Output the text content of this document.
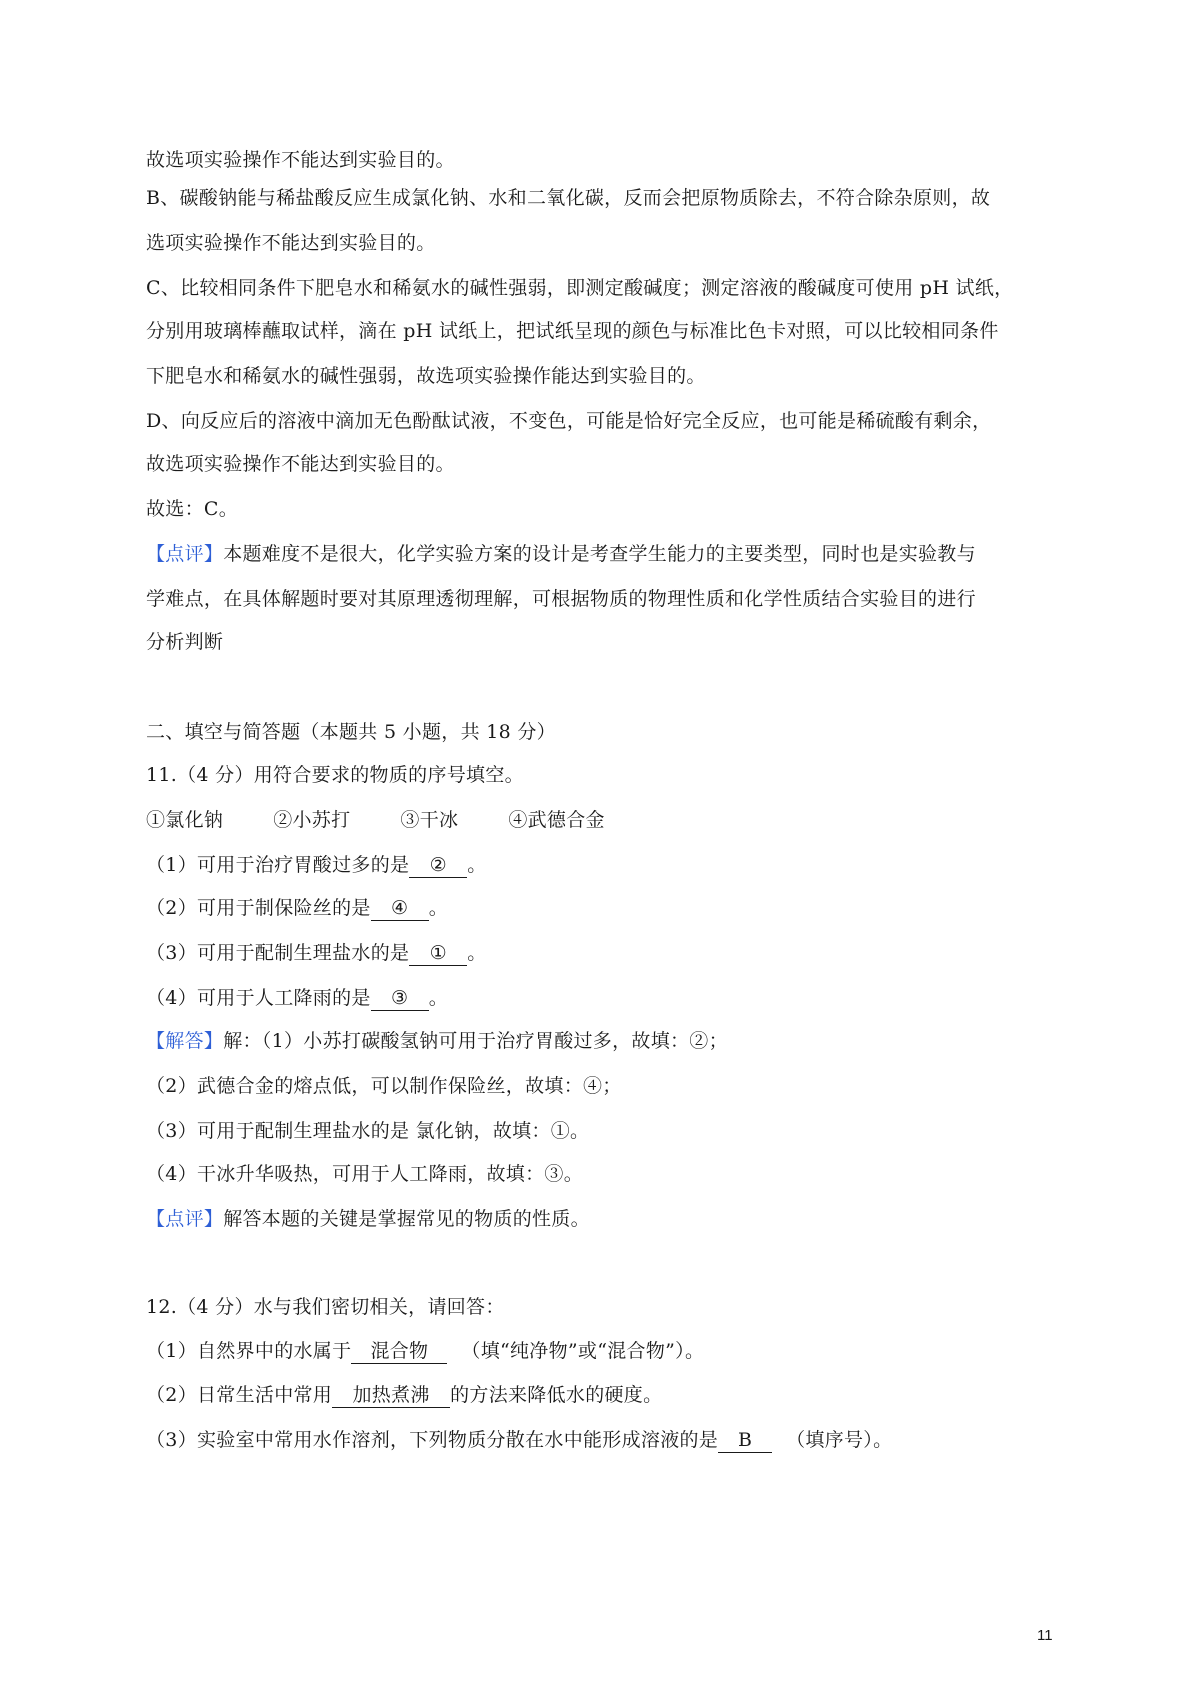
故选项实验操作不能达到实验目的。
B、碳酸钠能与稀盐酸反应生成氯化钠、水和二氧化碳，反而会把原物质除去，不符合除杂原则，故
选项实验操作不能达到实验目的。
C、比较相同条件下肥皂水和稀氨水的碱性强弱，即测定酸碱度；测定溶液的酸碱度可使用 pH 试纸，
分别用玻璃棒蘸取试样，滴在 pH 试纸上，把试纸呈现的颜色与标准比色卡对照，可以比较相同条件
下肥皂水和稀氨水的碱性强弱，故选项实验操作能达到实验目的。
D、向反应后的溶液中滴加无色酚酞试液，不变色，可能是恰好完全反应，也可能是稀硫酸有剩余，
故选项实验操作不能达到实验目的。
故选：C。
【点评】本题难度不是很大，化学实验方案的设计是考查学生能力的主要类型，同时也是实验教与
学难点，在具体解题时要对其原理透彻理解，可根据物质的物理性质和化学性质结合实验目的进行
分析判断
二、填空与简答题（本题共 5 小题，共 18 分）
11.（4 分）用符合要求的物质的序号填空。
①氯化钠	②小苏打	③干冰	④武德合金
（1）可用于治疗胃酸过多的是 ② 。
（2）可用于制保险丝的是 ④ 。
（3）可用于配制生理盐水的是 ① 。
（4）可用于人工降雨的是 ③ 。
【解答】解：（1）小苏打碳酸氢钠可用于治疗胃酸过多，故填：②；
（2）武德合金的熔点低，可以制作保险丝，故填：④；
（3）可用于配制生理盐水的是 氯化钠，故填：①。
（4）干冰升华吸热，可用于人工降雨，故填：③。
【点评】解答本题的关键是掌握常见的物质的性质。
12.（4 分）水与我们密切相关，请回答：
（1）自然界中的水属于 混合物 （填“纯净物”或“混合物”）。
（2）日常生活中常用 加热煮沸 的方法来降低水的硬度。
（3）实验室中常用水作溶剂，下列物质分散在水中能形成溶液的是 B （填序号）。
11
